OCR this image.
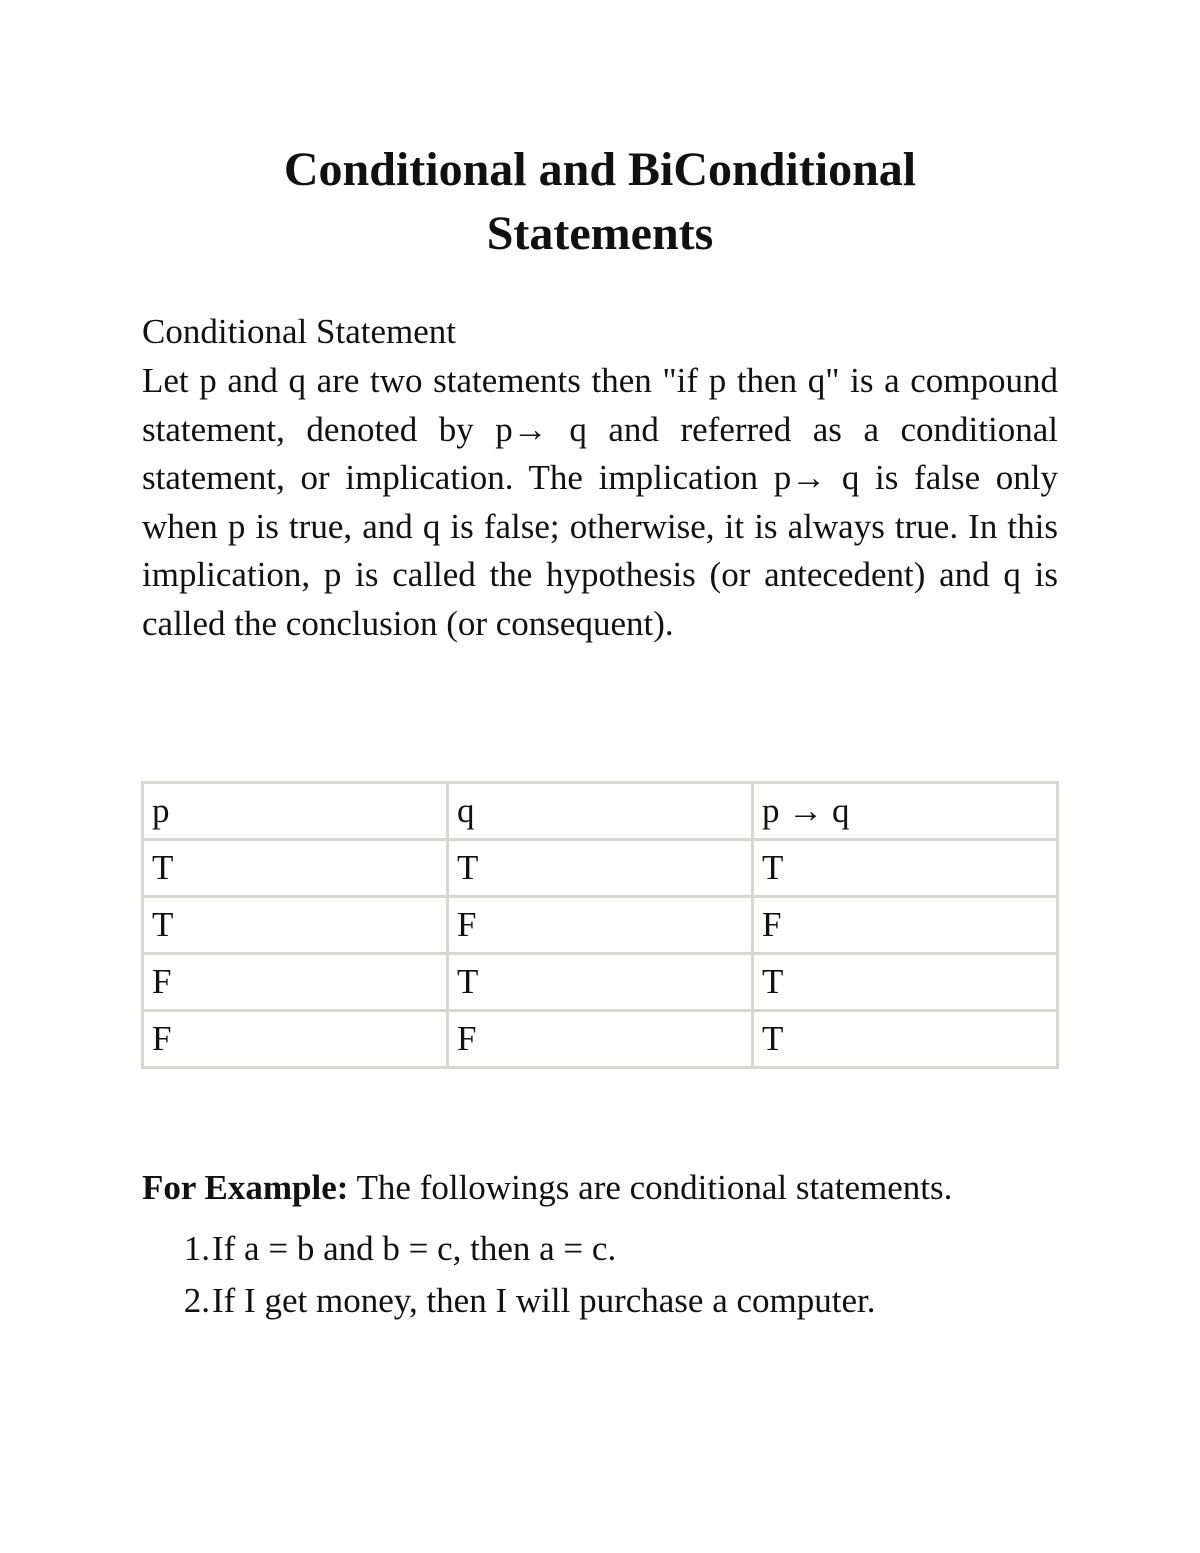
Conditional and BiConditional
Statements

Conditional Statement

Let p and q are two statements then "if p then q" is a compound statement, denoted by p→ q and referred as a conditional statement, or implication. The implication p→ q is false only when p is true, and q is false; otherwise, it is always true. In this implication, p is called the hypothesis (or antecedent) and q is called the conclusion (or consequent).

p	q	p → q
T	T	T
T	F	F
F	T	T
F	F	T

For Example: The followings are conditional statements.

1.If a = b and b = c, then a = c.
2.If I get money, then I will purchase a computer.
